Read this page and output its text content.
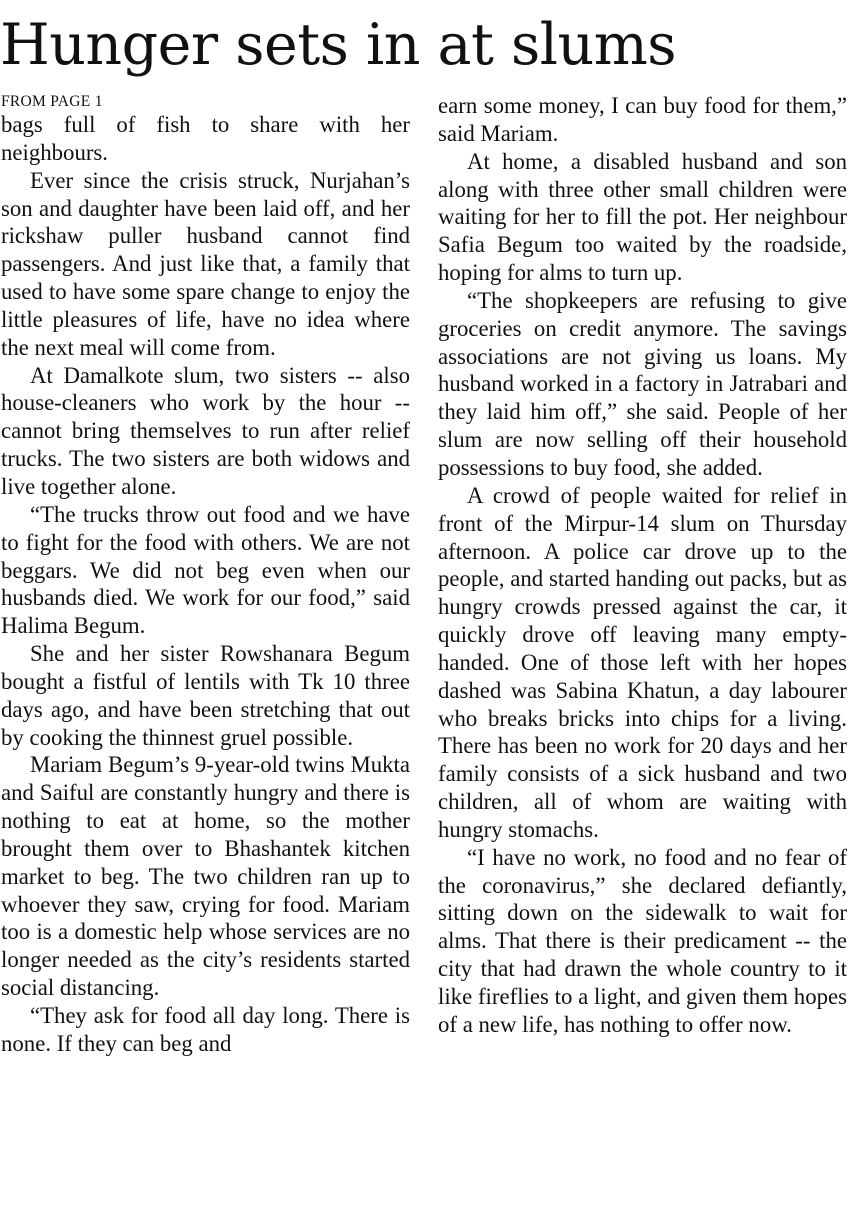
Hunger sets in at slums
FROM PAGE 1

bags full of fish to share with her neighbours.

Ever since the crisis struck, Nurjahan’s son and daughter have been laid off, and her rickshaw puller husband cannot find passengers. And just like that, a family that used to have some spare change to enjoy the little pleasures of life, have no idea where the next meal will come from.

At Damalkote slum, two sisters -- also house-cleaners who work by the hour -- cannot bring themselves to run after relief trucks. The two sisters are both widows and live together alone.

“The trucks throw out food and we have to fight for the food with others. We are not beggars. We did not beg even when our husbands died. We work for our food,” said Halima Begum.

She and her sister Rowshanara Begum bought a fistful of lentils with Tk 10 three days ago, and have been stretching that out by cooking the thinnest gruel possible.

Mariam Begum’s 9-year-old twins Mukta and Saiful are constantly hungry and there is nothing to eat at home, so the mother brought them over to Bhashantek kitchen market to beg. The two children ran up to whoever they saw, crying for food. Mariam too is a domestic help whose services are no longer needed as the city’s residents started social distancing.

“They ask for food all day long. There is none. If they can beg and

earn some money, I can buy food for them,” said Mariam.

At home, a disabled husband and son along with three other small children were waiting for her to fill the pot. Her neighbour Safia Begum too waited by the roadside, hoping for alms to turn up.

“The shopkeepers are refusing to give groceries on credit anymore. The savings associations are not giving us loans. My husband worked in a factory in Jatrabari and they laid him off,” she said. People of her slum are now selling off their household possessions to buy food, she added.

A crowd of people waited for relief in front of the Mirpur-14 slum on Thursday afternoon. A police car drove up to the people, and started handing out packs, but as hungry crowds pressed against the car, it quickly drove off leaving many empty-handed. One of those left with her hopes dashed was Sabina Khatun, a day labourer who breaks bricks into chips for a living. There has been no work for 20 days and her family consists of a sick husband and two children, all of whom are waiting with hungry stomachs.

“I have no work, no food and no fear of the coronavirus,” she declared defiantly, sitting down on the sidewalk to wait for alms. That there is their predicament -- the city that had drawn the whole country to it like fireflies to a light, and given them hopes of a new life, has nothing to offer now.
